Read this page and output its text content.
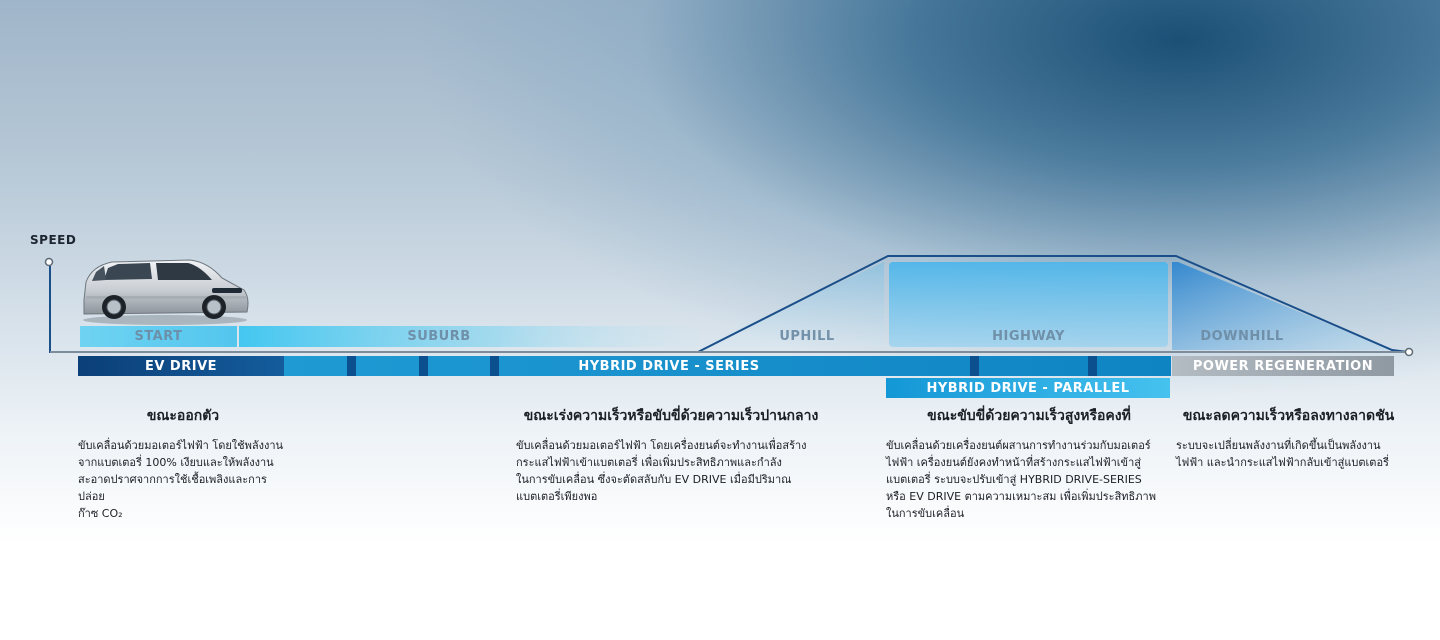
SPEED
START	SUBURB	UPHILL	HIGHWAY	DOWNHILL
EV DRIVE	HYBRID DRIVE - SERIES	POWER REGENERATION
HYBRID DRIVE - PARALLEL
ขณะออกตัว

ขับเคลื่อนด้วยมอเตอร์ไฟฟ้า โดยใช้พลังงาน
จากแบตเตอรี่ 100% เงียบและให้พลังงาน
สะอาดปราศจากการใช้เชื้อเพลิงและการปล่อย
ก๊าซ CO₂

ขณะเร่งความเร็วหรือขับขี่ด้วยความเร็วปานกลาง

ขับเคลื่อนด้วยมอเตอร์ไฟฟ้า โดยเครื่องยนต์จะทำงานเพื่อสร้าง
กระแสไฟฟ้าเข้าแบตเตอรี่ เพื่อเพิ่มประสิทธิภาพและกำลัง
ในการขับเคลื่อน ซึ่งจะตัดสลับกับ EV DRIVE เมื่อมีปริมาณ
แบตเตอรี่เพียงพอ

ขณะขับขี่ด้วยความเร็วสูงหรือคงที่

ขับเคลื่อนด้วยเครื่องยนต์ผสานการทำงานร่วมกับมอเตอร์
ไฟฟ้า เครื่องยนต์ยังคงทำหน้าที่สร้างกระแสไฟฟ้าเข้าสู่
แบตเตอรี่ ระบบจะปรับเข้าสู่ HYBRID DRIVE-SERIES
หรือ EV DRIVE ตามความเหมาะสม เพื่อเพิ่มประสิทธิภาพ
ในการขับเคลื่อน

ขณะลดความเร็วหรือลงทางลาดชัน

ระบบจะเปลี่ยนพลังงานที่เกิดขึ้นเป็นพลังงาน
ไฟฟ้า และนำกระแสไฟฟ้ากลับเข้าสู่แบตเตอรี่
